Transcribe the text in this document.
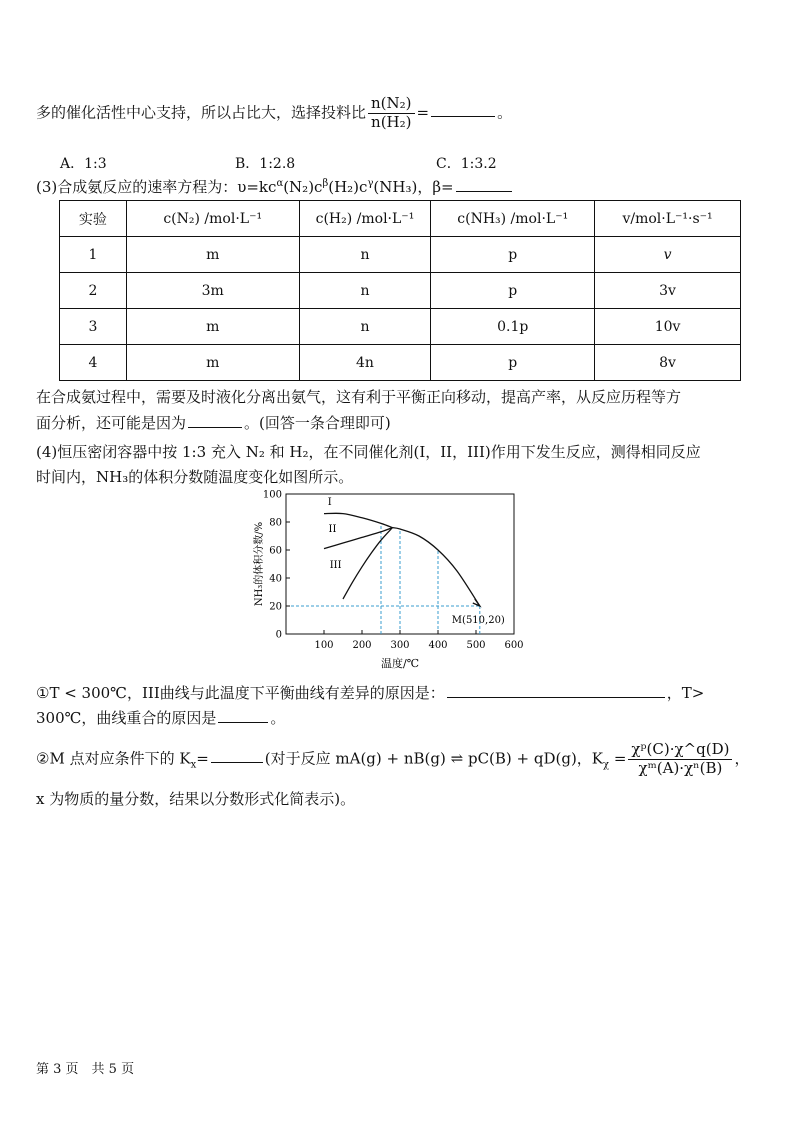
多的催化活性中心支持，所以占比大，选择投料比 $\frac{\text{n(N₂)}}{\text{n(H₂)}}$ =	。
A．1:3	B．1:2.8	C．1:3.2
(3)合成氨反应的速率方程为：$\upsilon=kc^\alpha(N_2)c^\beta(H_2)c^\gamma(NH_3)$，β=
实验	c(N₂) /mol·L⁻¹	c(H₂) /mol·L⁻¹	c(NH₃) /mol·L⁻¹	v/mol·L⁻¹·s⁻¹
1	m	n	p	v
2	3m	n	p	3v
3	m	n	0.1p	10v
4	m	4n	p	8v
在合成氨过程中，需要及时液化分离出氨气，这有利于平衡正向移动，提高产率，从反应历程等方
面分析，还可能是因为	。(回答一条合理即可)
(4)恒压密闭容器中按 1:3 充入 N₂ 和 H₂，在不同催化剂(I，II，III)作用下发生反应，测得相同反应
时间内，NH₃的体积分数随温度变化如图所示。
0
20
40
60
80
100
100 200 300 400 500 600
I
II
III
M(510,20)
NH₃的体积分数/%
温度/℃
①T < 300℃，III曲线与此温度下平衡曲线有差异的原因是：	，T>
300℃，曲线重合的原因是	。
②M 点对应条件下的 $K_x=$	(对于反应 mA(g) + nB(g) ⇌ pC(B) + qD(g)，$K_\chi = \frac{\text{χᵖ(C)·χ\textasciicircum{}q(D)}}{\text{χᵐ(A)·χⁿ(B)}}$ ，
x 为物质的量分数，结果以分数形式化简表示)。
第 3 页　共 5 页
